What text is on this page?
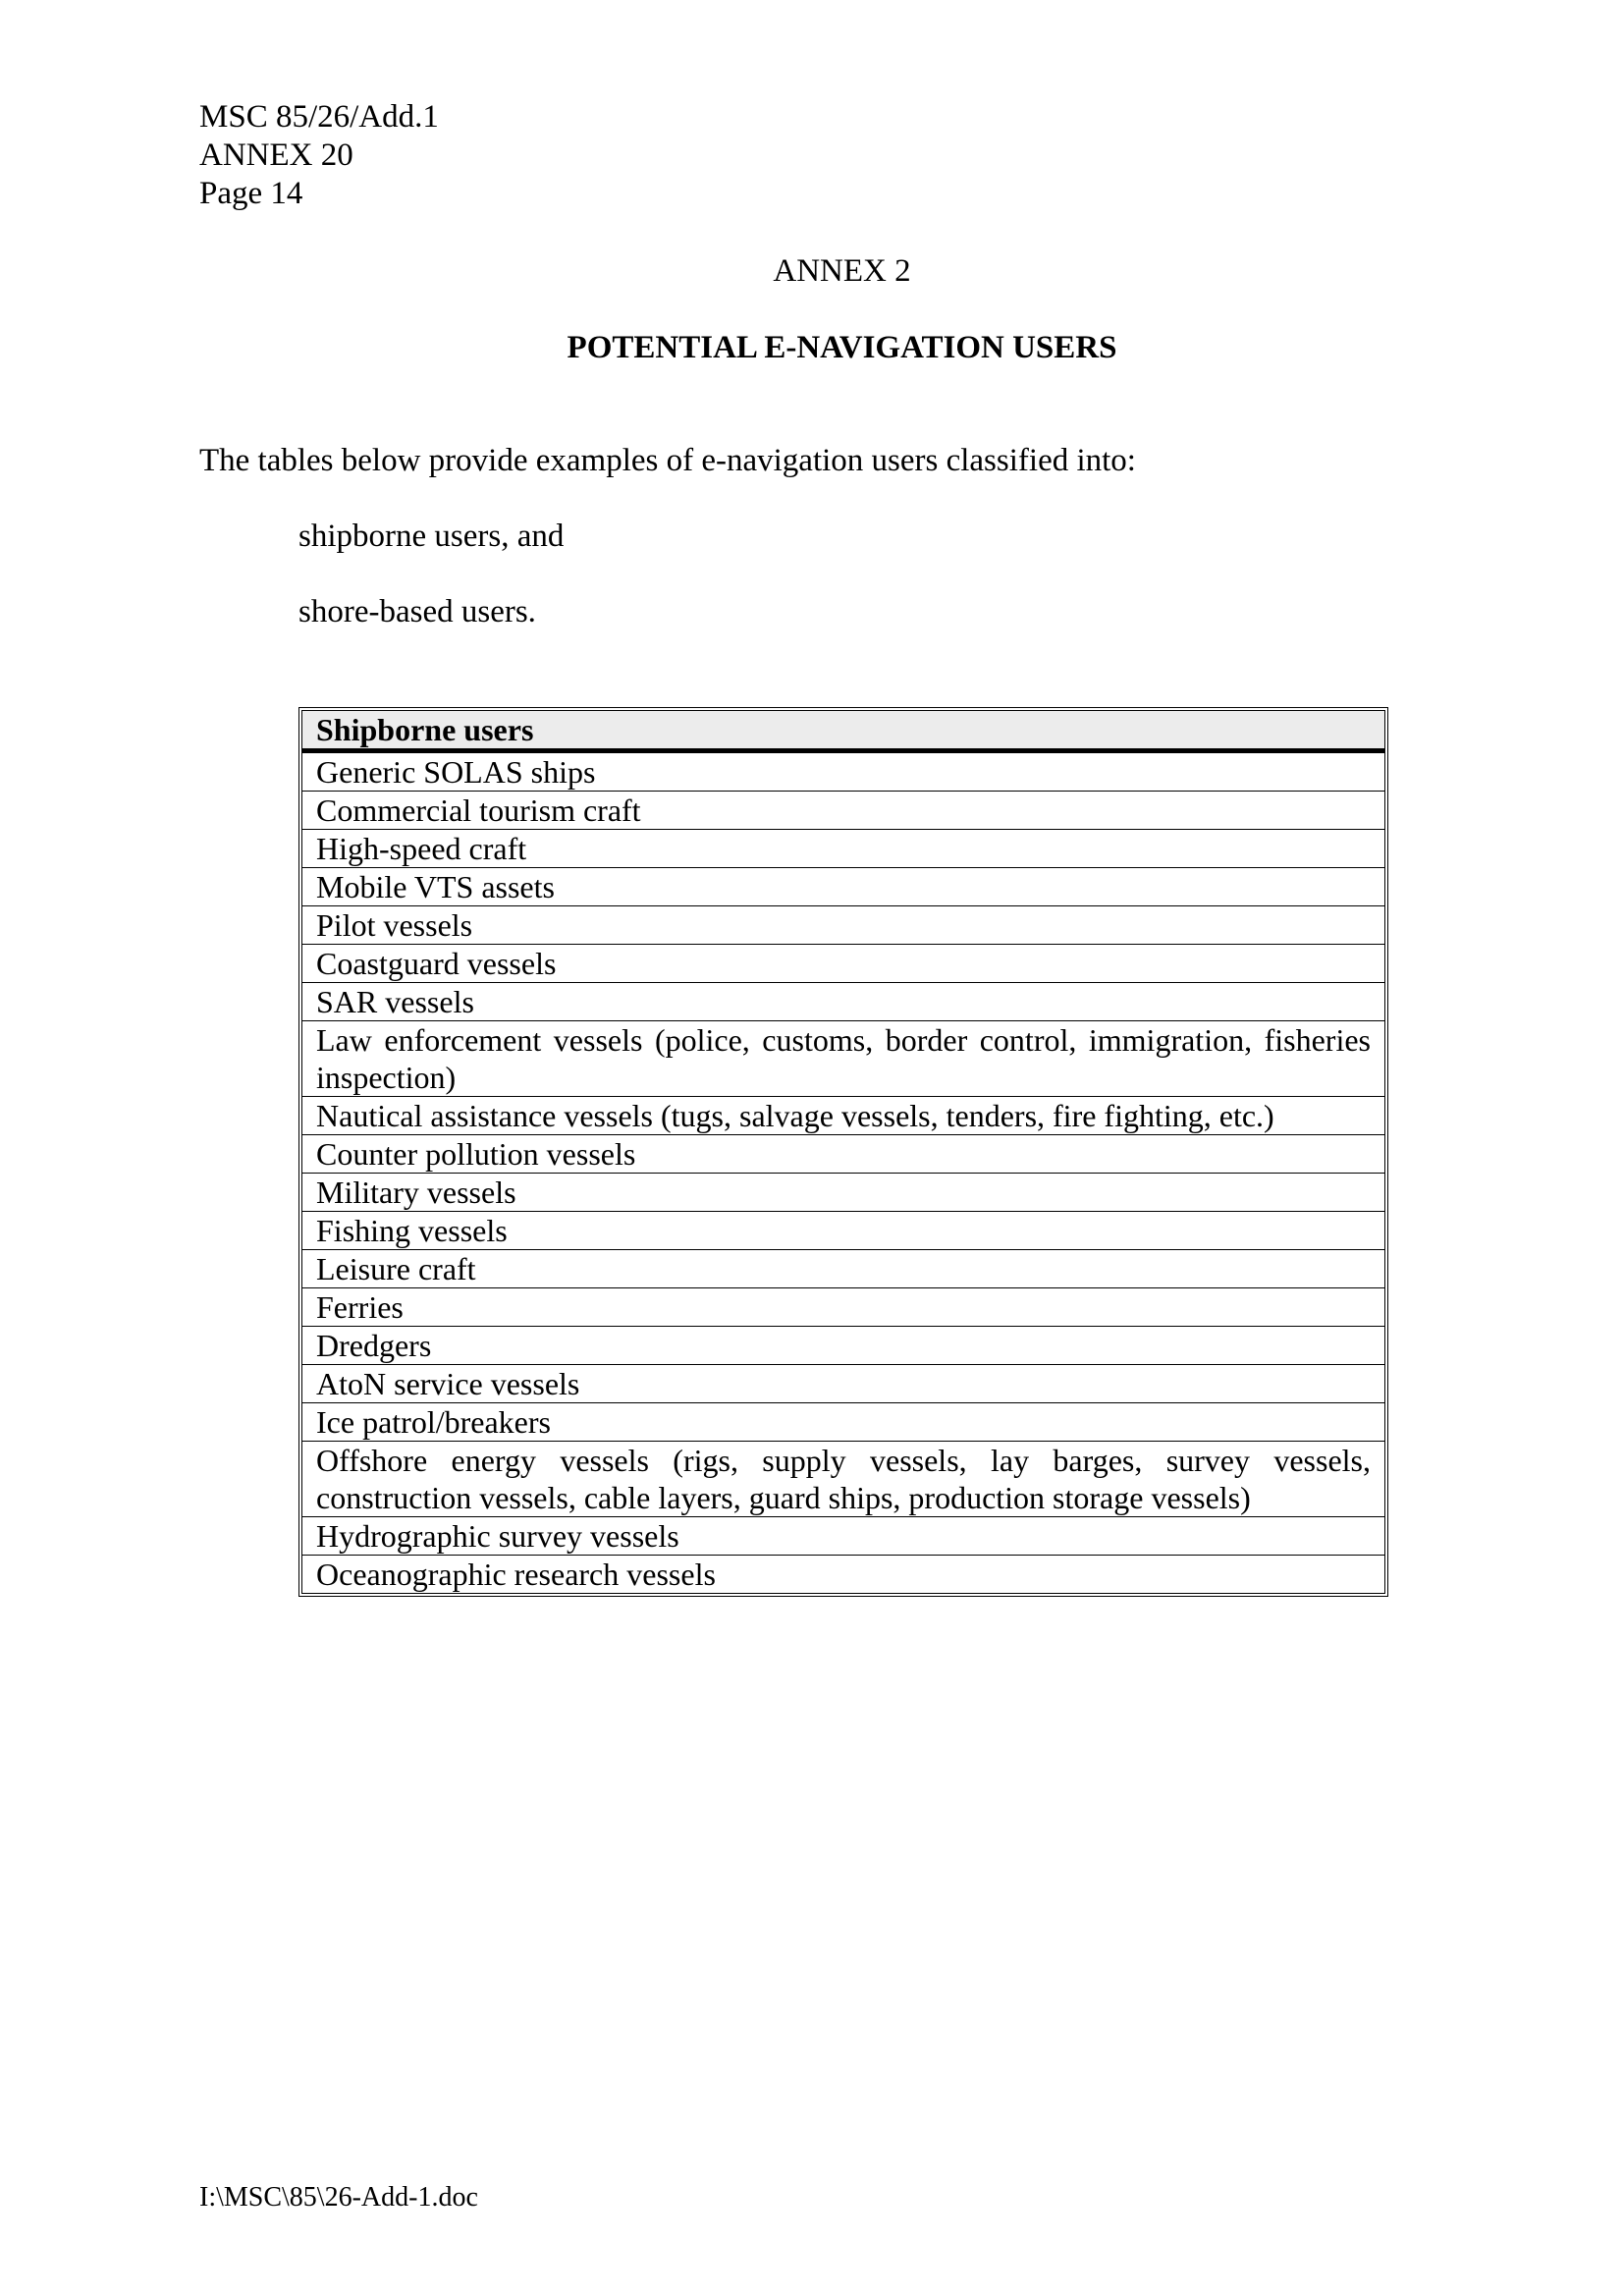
MSC 85/26/Add.1
ANNEX 20
Page 14
ANNEX 2
POTENTIAL E-NAVIGATION USERS
The tables below provide examples of e-navigation users classified into:
shipborne users, and
shore-based users.
Shipborne users
Generic SOLAS ships
Commercial tourism craft
High-speed craft
Mobile VTS assets
Pilot vessels
Coastguard vessels
SAR vessels
Law enforcement vessels (police, customs, border control, immigration, fisheries inspection)
Nautical assistance vessels (tugs, salvage vessels, tenders, fire fighting, etc.)
Counter pollution vessels
Military vessels
Fishing vessels
Leisure craft
Ferries
Dredgers
AtoN service vessels
Ice patrol/breakers
Offshore energy vessels (rigs, supply vessels, lay barges, survey vessels, construction vessels, cable layers, guard ships, production storage vessels)
Hydrographic survey vessels
Oceanographic research vessels
I:\MSC\85\26-Add-1.doc
